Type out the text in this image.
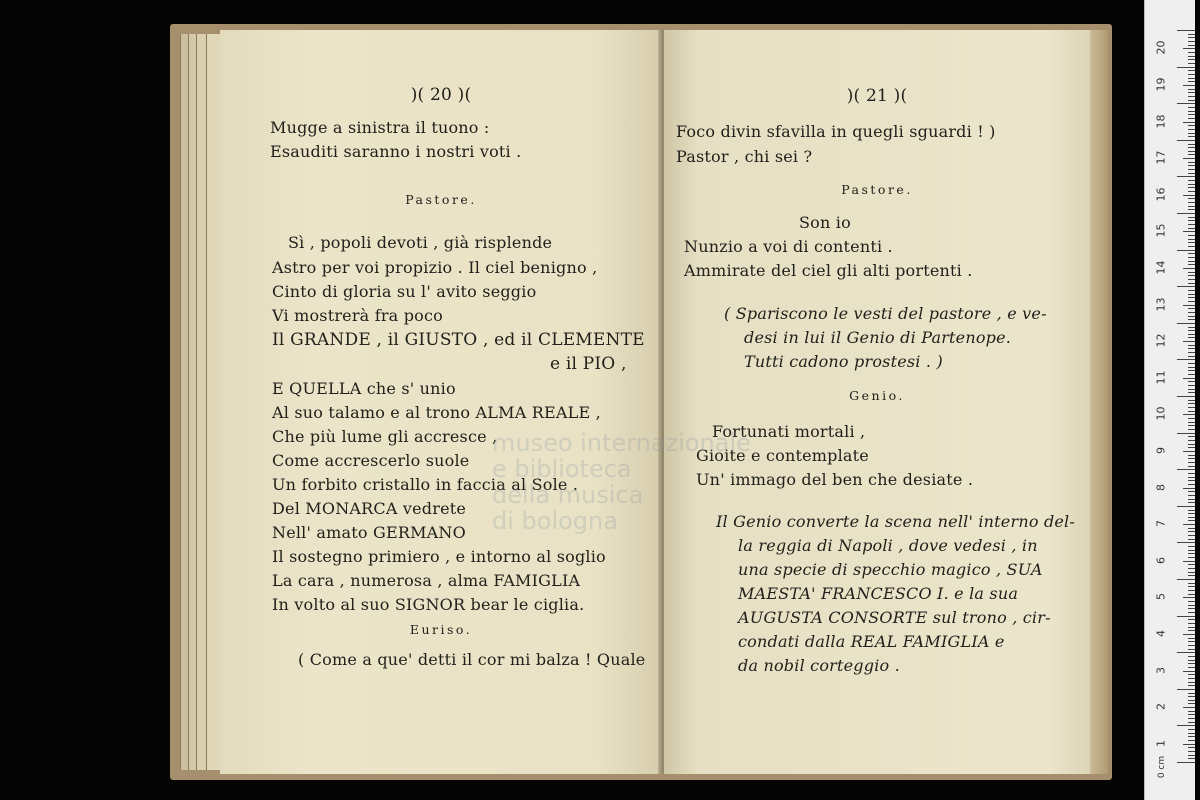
)( 20 )(
Mugge a sinistra il tuono :
Esauditi saranno i nostri voti .
Pastore.
Sì , popoli devoti , già risplende
Astro per voi propizio . Il ciel benigno ,
Cinto di gloria su l' avito seggio
Vi mostrerà fra poco
Il GRANDE , il GIUSTO , ed il CLEMENTE
e il PIO ,
E QUELLA che s' unio
Al suo talamo e al trono ALMA REALE ,
Che più lume gli accresce ,
Come accrescerlo suole
Un forbito cristallo in faccia al Sole .
Del MONARCA vedrete
Nell' amato GERMANO
Il sostegno primiero , e intorno al soglio
La cara , numerosa , alma FAMIGLIA
In volto al suo SIGNOR bear le ciglia.
Euriso.
( Come a que' detti il cor mi balza ! Quale
)( 21 )(
Foco divin sfavilla in quegli sguardi ! )
Pastor , chi sei ?
Pastore.
Son io
Nunzio a voi di contenti .
Ammirate del ciel gli alti portenti .
( Spariscono le vesti del pastore , e ve-
desi in lui il Genio di Partenope.
Tutti cadono prostesi . )
Genio.
Fortunati mortali ,
Gioite e contemplate
Un' immago del ben che desiate .
Il Genio converte la scena nell' interno del-
la reggia di Napoli , dove vedesi , in
una specie di specchio magico , SUA
MAESTA' FRANCESCO I. e la sua
AUGUSTA CONSORTE sul trono , cir-
condati dalla REAL FAMIGLIA e
da nobil corteggio .
museo internazionale
e biblioteca
della musica
di bologna
0 cm
20
19
18
17
16
15
14
13
12
11
10
9
8
7
6
5
4
3
2
1
